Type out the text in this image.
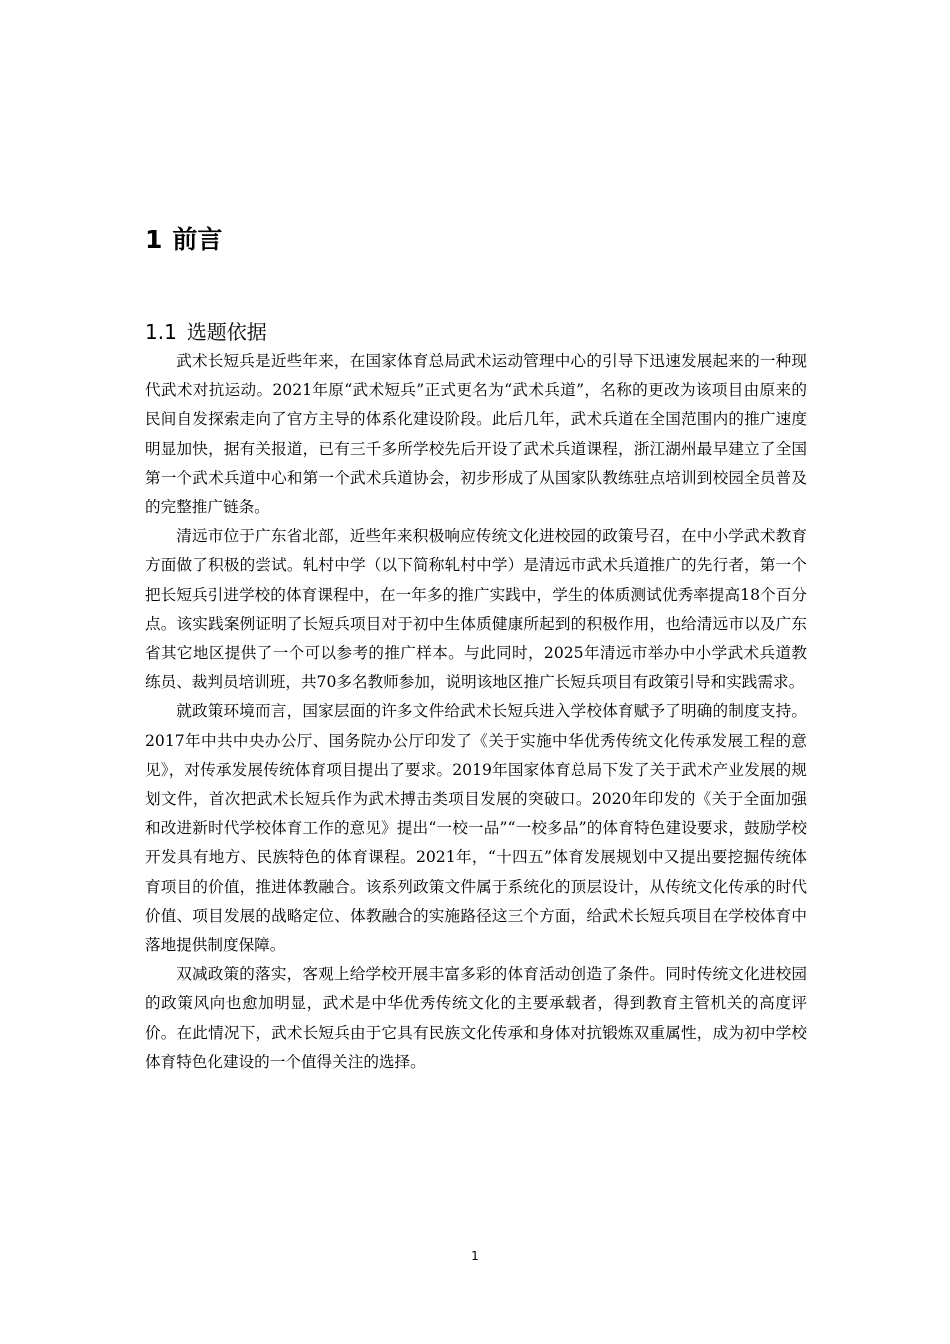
1 前言
1.1 选题依据

武术长短兵是近些年来，在国家体育总局武术运动管理中心的引导下迅速发展起来的一种现代武术对抗运动。2021年原“武术短兵”正式更名为“武术兵道”，名称的更改为该项目由原来的民间自发探索走向了官方主导的体系化建设阶段。此后几年，武术兵道在全国范围内的推广速度明显加快，据有关报道，已有三千多所学校先后开设了武术兵道课程，浙江湖州最早建立了全国第一个武术兵道中心和第一个武术兵道协会，初步形成了从国家队教练驻点培训到校园全员普及的完整推广链条。

清远市位于广东省北部，近些年来积极响应传统文化进校园的政策号召，在中小学武术教育方面做了积极的尝试。轧村中学（以下简称轧村中学）是清远市武术兵道推广的先行者，第一个把长短兵引进学校的体育课程中，在一年多的推广实践中，学生的体质测试优秀率提高18个百分点。该实践案例证明了长短兵项目对于初中生体质健康所起到的积极作用，也给清远市以及广东省其它地区提供了一个可以参考的推广样本。与此同时，2025年清远市举办中小学武术兵道教练员、裁判员培训班，共70多名教师参加，说明该地区推广长短兵项目有政策引导和实践需求。

就政策环境而言，国家层面的许多文件给武术长短兵进入学校体育赋予了明确的制度支持。2017年中共中央办公厅、国务院办公厅印发了《关于实施中华优秀传统文化传承发展工程的意见》，对传承发展传统体育项目提出了要求。2019年国家体育总局下发了关于武术产业发展的规划文件，首次把武术长短兵作为武术搏击类项目发展的突破口。2020年印发的《关于全面加强和改进新时代学校体育工作的意见》提出“一校一品”“一校多品”的体育特色建设要求，鼓励学校开发具有地方、民族特色的体育课程。2021年，“十四五”体育发展规划中又提出要挖掘传统体育项目的价值，推进体教融合。该系列政策文件属于系统化的顶层设计，从传统文化传承的时代价值、项目发展的战略定位、体教融合的实施路径这三个方面，给武术长短兵项目在学校体育中落地提供制度保障。

双减政策的落实，客观上给学校开展丰富多彩的体育活动创造了条件。同时传统文化进校园的政策风向也愈加明显，武术是中华优秀传统文化的主要承载者，得到教育主管机关的高度评价。在此情况下，武术长短兵由于它具有民族文化传承和身体对抗锻炼双重属性，成为初中学校体育特色化建设的一个值得关注的选择。

1
